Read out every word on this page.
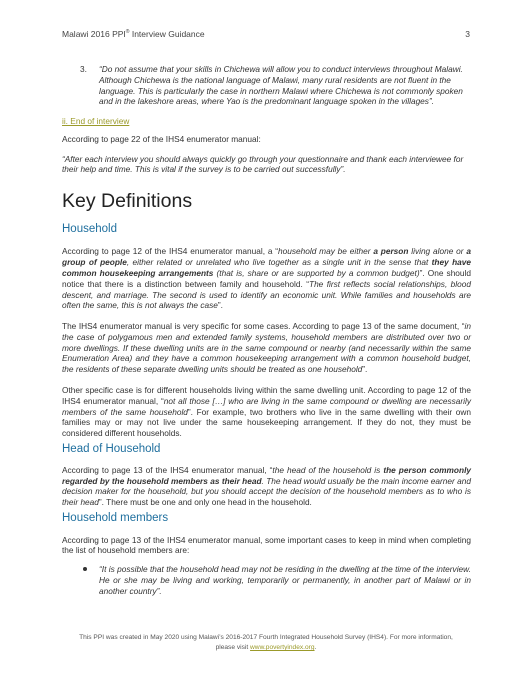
Malawi 2016 PPI® Interview Guidance	3
3. “Do not assume that your skills in Chichewa will allow you to conduct interviews throughout Malawi. Although Chichewa is the national language of Malawi, many rural residents are not fluent in the language. This is particularly the case in northern Malawi where Chichewa is not commonly spoken and in the lakeshore areas, where Yao is the predominant language spoken in the villages”.

ii. End of interview

According to page 22 of the IHS4 enumerator manual:

“After each interview you should always quickly go through your questionnaire and thank each interviewee for their help and time. This is vital if the survey is to be carried out successfully”.

Key Definitions
Household

According to page 12 of the IHS4 enumerator manual, a “household may be either a person living alone or a group of people, either related or unrelated who live together as a single unit in the sense that they have common housekeeping arrangements (that is, share or are supported by a common budget)”. One should notice that there is a distinction between family and household. “The first reflects social relationships, blood descent, and marriage. The second is used to identify an economic unit. While families and households are often the same, this is not always the case”.

The IHS4 enumerator manual is very specific for some cases. According to page 13 of the same document, “in the case of polygamous men and extended family systems, household members are distributed over two or more dwellings. If these dwelling units are in the same compound or nearby (and necessarily within the same Enumeration Area) and they have a common housekeeping arrangement with a common household budget, the residents of these separate dwelling units should be treated as one household”.

Other specific case is for different households living within the same dwelling unit. According to page 12 of the IHS4 enumerator manual, “not all those […] who are living in the same compound or dwelling are necessarily members of the same household”. For example, two brothers who live in the same dwelling with their own families may or may not live under the same housekeeping arrangement. If they do not, they must be considered different households.

Head of Household

According to page 13 of the IHS4 enumerator manual, “the head of the household is the person commonly regarded by the household members as their head. The head would usually be the main income earner and decision maker for the household, but you should accept the decision of the household members as to who is their head”. There must be one and only one head in the household.

Household members

According to page 13 of the IHS4 enumerator manual, some important cases to keep in mind when completing the list of household members are:

“It is possible that the household head may not be residing in the dwelling at the time of the interview. He or she may be living and working, temporarily or permanently, in another part of Malawi or in another country”.

This PPI was created in May 2020 using Malawi’s 2016-2017 Fourth Integrated Household Survey (IHS4). For more information,
please visit www.povertyindex.org.
